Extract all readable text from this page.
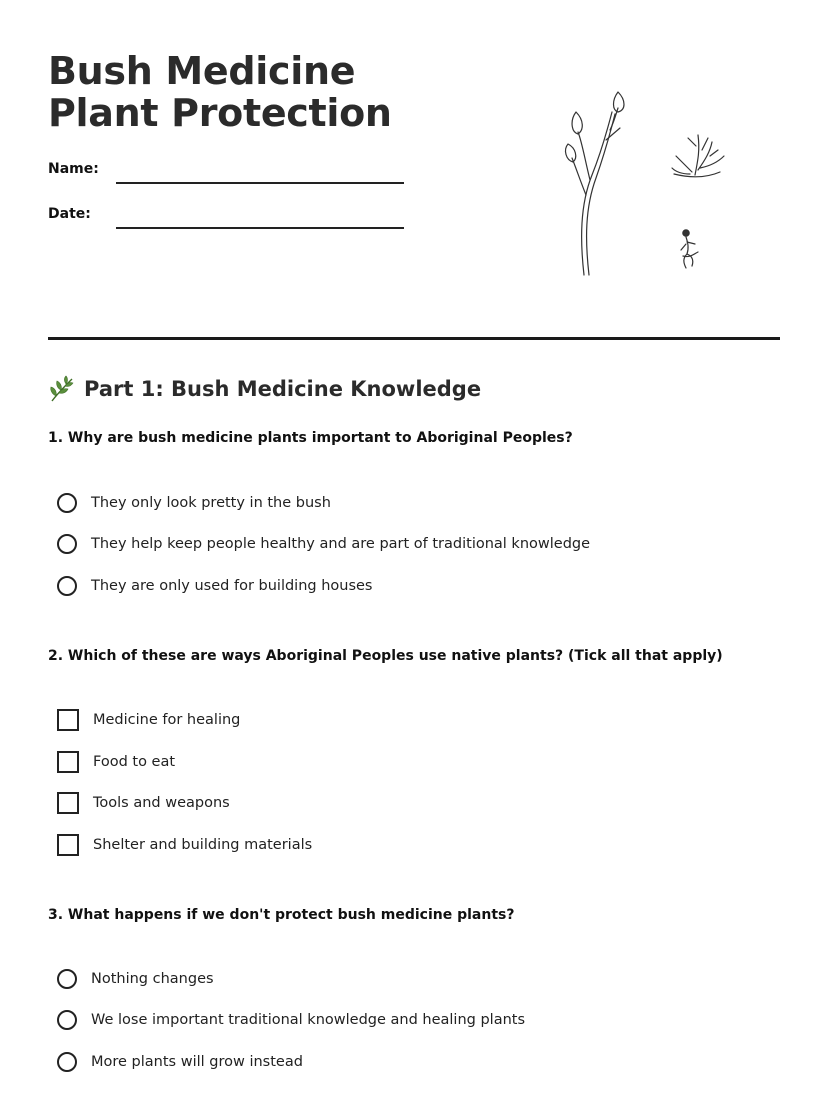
Bush Medicine Plant Protection
Name:
Date:
Part 1: Bush Medicine Knowledge

1. Why are bush medicine plants important to Aboriginal Peoples?

They only look pretty in the bush
They help keep people healthy and are part of traditional knowledge
They are only used for building houses

2. Which of these are ways Aboriginal Peoples use native plants? (Tick all that apply)

Medicine for healing
Food to eat
Tools and weapons
Shelter and building materials

3. What happens if we don't protect bush medicine plants?

Nothing changes
We lose important traditional knowledge and healing plants
More plants will grow instead
